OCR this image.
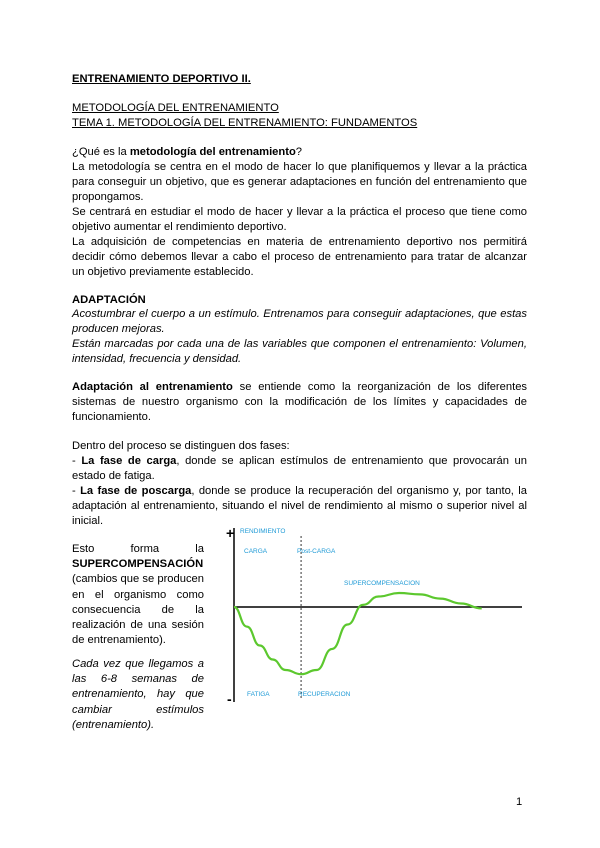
ENTRENAMIENTO DEPORTIVO II.

METODOLOGÍA DEL ENTRENAMIENTO

TEMA 1. METODOLOGÍA DEL ENTRENAMIENTO: FUNDAMENTOS

¿Qué es la metodología del entrenamiento?

La metodología se centra en el modo de hacer lo que planifiquemos y llevar a la práctica para conseguir un objetivo, que es generar adaptaciones en función del entrenamiento que propongamos.

Se centrará en estudiar el modo de hacer y llevar a la práctica el proceso que tiene como objetivo aumentar el rendimiento deportivo.

La adquisición de competencias en materia de entrenamiento deportivo nos permitirá decidir cómo debemos llevar a cabo el proceso de entrenamiento para tratar de alcanzar un objetivo previamente establecido.

ADAPTACIÓN

Acostumbrar el cuerpo a un estímulo. Entrenamos para conseguir adaptaciones, que estas producen mejoras.

Están marcadas por cada una de las variables que componen el entrenamiento: Volumen, intensidad, frecuencia y densidad.

Adaptación al entrenamiento se entiende como la reorganización de los diferentes sistemas de nuestro organismo con la modificación de los límites y capacidades de funcionamiento.

Dentro del proceso se distinguen dos fases:

- La fase de carga, donde se aplican estímulos de entrenamiento que provocarán un estado de fatiga.

- La fase de poscarga, donde se produce la recuperación del organismo y, por tanto, la adaptación al entrenamiento, situando el nivel de rendimiento al mismo o superior nivel al inicial.

Esto forma la SUPERCOMPENSACIÓN (cambios que se producen en el organismo como consecuencia de la realización de una sesión de entrenamiento).

Cada vez que llegamos a las 6-8 semanas de entrenamiento, hay que cambiar estímulos (entrenamiento).

+
-
RENDIMIENTO
CARGA	Post-CARGA
SUPERCOMPENSACION
FATIGA	RECUPERACION
1
